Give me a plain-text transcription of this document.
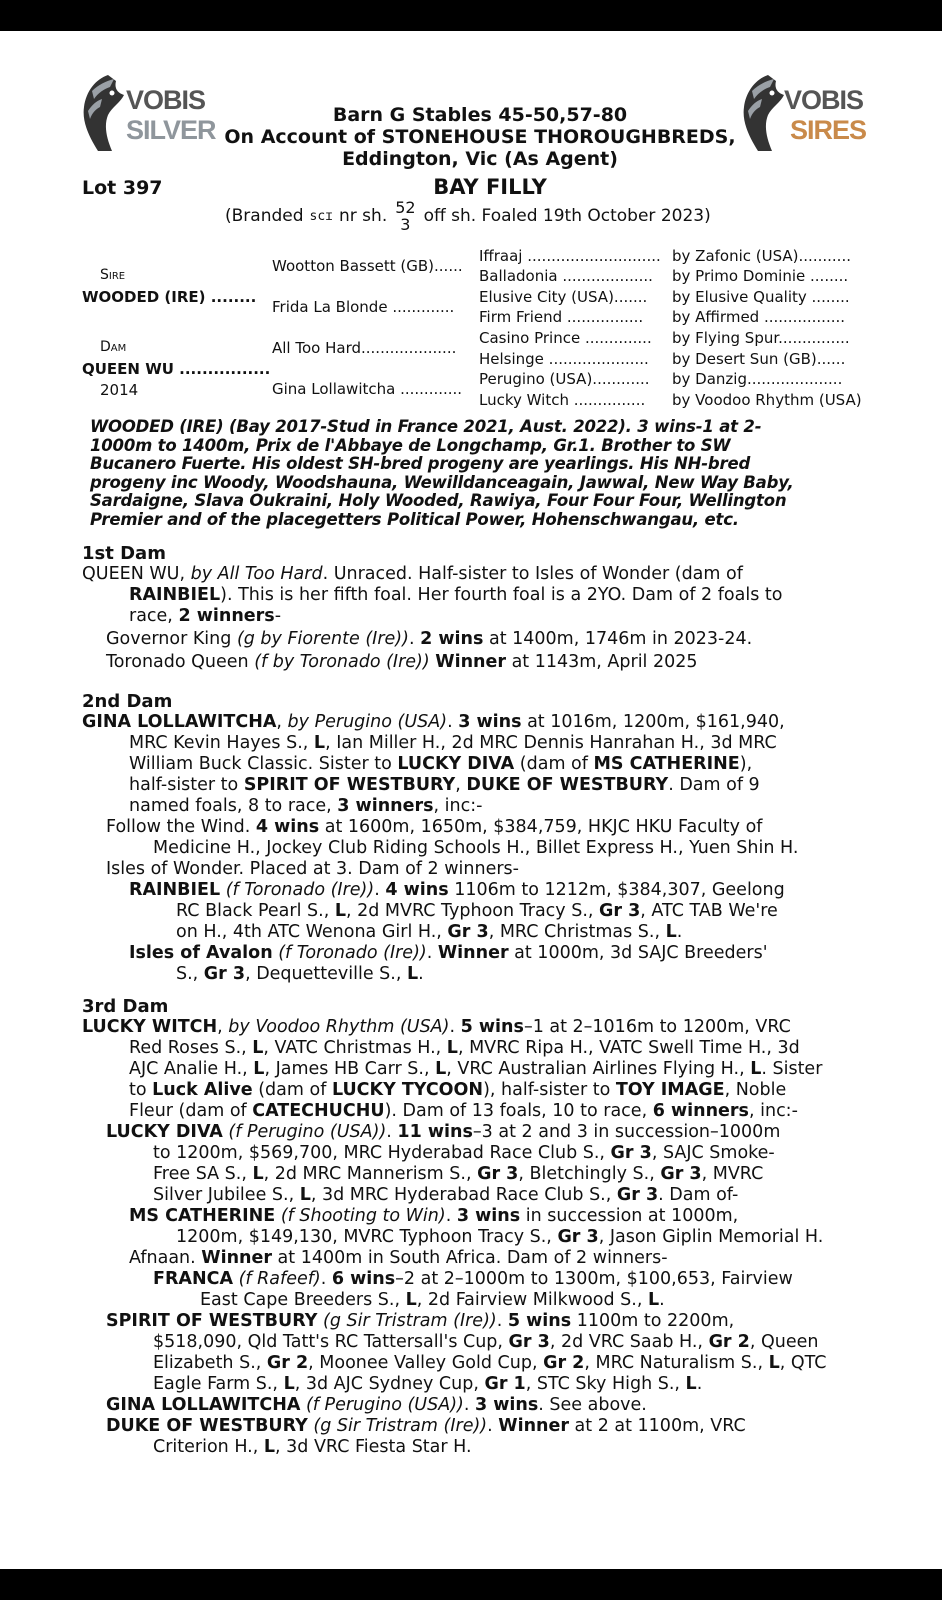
VOBIS
SILVER
VOBIS
SIRES
Barn G Stables 45-50,57-80
On Account of STONEHOUSE THOROUGHBREDS,
Eddington, Vic (As Agent)
Lot 397	BAY FILLY
(Branded scɪ nr sh. 52
3 off sh. Foaled 19th October 2023)
Sire
WOODED (IRE) ........
Dam
QUEEN WU ................
2014
Wootton Bassett (GB)......
Frida La Blonde .............
All Too Hard....................
Gina Lollawitcha .............
Iffraaj ............................
Balladonia ...................
Elusive City (USA).......
Firm Friend ................
Casino Prince ..............
Helsinge .....................
Perugino (USA)............
Lucky Witch ...............
by Zafonic (USA)...........
by Primo Dominie ........
by Elusive Quality ........
by Affirmed .................
by Flying Spur...............
by Desert Sun (GB)......
by Danzig....................
by Voodoo Rhythm (USA)
WOODED (IRE) (Bay 2017-Stud in France 2021, Aust. 2022). 3 wins-1 at 2-
1000m to 1400m, Prix de l'Abbaye de Longchamp, Gr.1. Brother to SW
Bucanero Fuerte. His oldest SH-bred progeny are yearlings. His NH-bred
progeny inc Woody, Woodshauna, Wewilldanceagain, Jawwal, New Way Baby,
Sardaigne, Slava Oukraini, Holy Wooded, Rawiya, Four Four Four, Wellington
Premier and of the placegetters Political Power, Hohenschwangau, etc.
1st Dam
QUEEN WU, by All Too Hard. Unraced. Half-sister to Isles of Wonder (dam of
RAINBIEL). This is her fifth foal. Her fourth foal is a 2YO. Dam of 2 foals to
race, 2 winners-
Governor King (g by Fiorente (Ire)). 2 wins at 1400m, 1746m in 2023-24.
Toronado Queen (f by Toronado (Ire)) Winner at 1143m, April 2025
2nd Dam
GINA LOLLAWITCHA, by Perugino (USA). 3 wins at 1016m, 1200m, $161,940,
MRC Kevin Hayes S., L, Ian Miller H., 2d MRC Dennis Hanrahan H., 3d MRC
William Buck Classic. Sister to LUCKY DIVA (dam of MS CATHERINE),
half-sister to SPIRIT OF WESTBURY, DUKE OF WESTBURY. Dam of 9
named foals, 8 to race, 3 winners, inc:-
Follow the Wind. 4 wins at 1600m, 1650m, $384,759, HKJC HKU Faculty of
Medicine H., Jockey Club Riding Schools H., Billet Express H., Yuen Shin H.
Isles of Wonder. Placed at 3. Dam of 2 winners-
RAINBIEL (f Toronado (Ire)). 4 wins 1106m to 1212m, $384,307, Geelong
RC Black Pearl S., L, 2d MVRC Typhoon Tracy S., Gr 3, ATC TAB We're
on H., 4th ATC Wenona Girl H., Gr 3, MRC Christmas S., L.
Isles of Avalon (f Toronado (Ire)). Winner at 1000m, 3d SAJC Breeders'
S., Gr 3, Dequetteville S., L.
3rd Dam
LUCKY WITCH, by Voodoo Rhythm (USA). 5 wins–1 at 2–1016m to 1200m, VRC
Red Roses S., L, VATC Christmas H., L, MVRC Ripa H., VATC Swell Time H., 3d
AJC Analie H., L, James HB Carr S., L, VRC Australian Airlines Flying H., L. Sister
to Luck Alive (dam of LUCKY TYCOON), half-sister to TOY IMAGE, Noble
Fleur (dam of CATECHUCHU). Dam of 13 foals, 10 to race, 6 winners, inc:-
LUCKY DIVA (f Perugino (USA)). 11 wins–3 at 2 and 3 in succession–1000m
to 1200m, $569,700, MRC Hyderabad Race Club S., Gr 3, SAJC Smoke-
Free SA S., L, 2d MRC Mannerism S., Gr 3, Bletchingly S., Gr 3, MVRC
Silver Jubilee S., L, 3d MRC Hyderabad Race Club S., Gr 3. Dam of-
MS CATHERINE (f Shooting to Win). 3 wins in succession at 1000m,
1200m, $149,130, MVRC Typhoon Tracy S., Gr 3, Jason Giplin Memorial H.
Afnaan. Winner at 1400m in South Africa. Dam of 2 winners-
FRANCA (f Rafeef). 6 wins–2 at 2–1000m to 1300m, $100,653, Fairview
East Cape Breeders S., L, 2d Fairview Milkwood S., L.
SPIRIT OF WESTBURY (g Sir Tristram (Ire)). 5 wins 1100m to 2200m,
$518,090, Qld Tatt's RC Tattersall's Cup, Gr 3, 2d VRC Saab H., Gr 2, Queen
Elizabeth S., Gr 2, Moonee Valley Gold Cup, Gr 2, MRC Naturalism S., L, QTC
Eagle Farm S., L, 3d AJC Sydney Cup, Gr 1, STC Sky High S., L.
GINA LOLLAWITCHA (f Perugino (USA)). 3 wins. See above.
DUKE OF WESTBURY (g Sir Tristram (Ire)). Winner at 2 at 1100m, VRC
Criterion H., L, 3d VRC Fiesta Star H.
